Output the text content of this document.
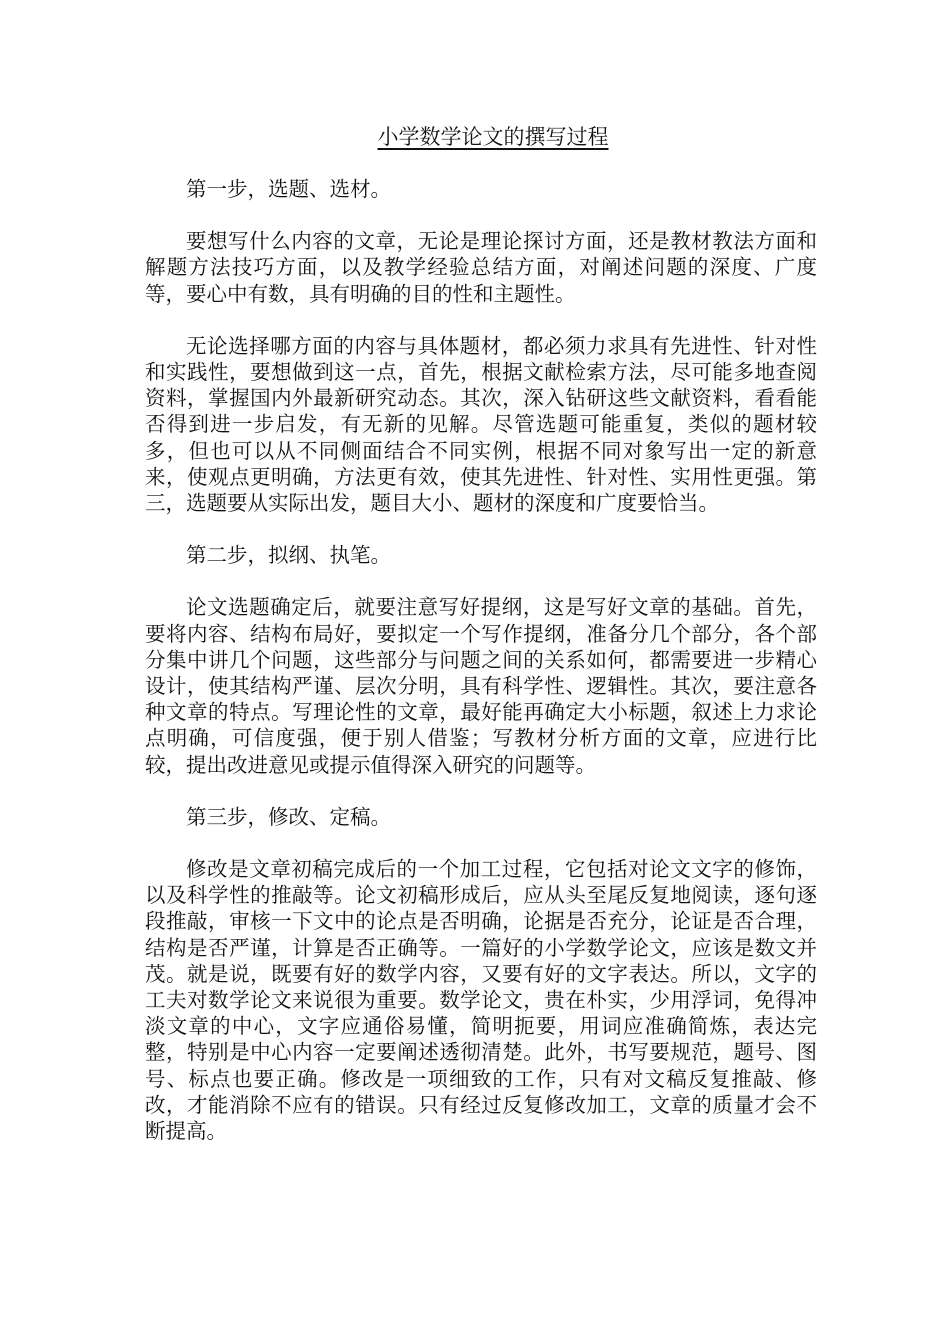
小学数学论文的撰写过程

第一步，选题、选材。

要想写什么内容的文章，无论是理论探讨方面，还是教材教法方面和解题方法技巧方面，以及教学经验总结方面，对阐述问题的深度、广度等，要心中有数，具有明确的目的性和主题性。

无论选择哪方面的内容与具体题材，都必须力求具有先进性、针对性和实践性，要想做到这一点，首先，根据文献检索方法，尽可能多地查阅资料，掌握国内外最新研究动态。其次，深入钻研这些文献资料，看看能否得到进一步启发，有无新的见解。尽管选题可能重复，类似的题材较多，但也可以从不同侧面结合不同实例，根据不同对象写出一定的新意来，使观点更明确，方法更有效，使其先进性、针对性、实用性更强。第三，选题要从实际出发，题目大小、题材的深度和广度要恰当。

第二步，拟纲、执笔。

论文选题确定后，就要注意写好提纲，这是写好文章的基础。首先，要将内容、结构布局好，要拟定一个写作提纲，准备分几个部分，各个部分集中讲几个问题，这些部分与问题之间的关系如何，都需要进一步精心设计，使其结构严谨、层次分明，具有科学性、逻辑性。其次，要注意各种文章的特点。写理论性的文章，最好能再确定大小标题，叙述上力求论点明确，可信度强，便于别人借鉴；写教材分析方面的文章，应进行比较，提出改进意见或提示值得深入研究的问题等。

第三步，修改、定稿。

修改是文章初稿完成后的一个加工过程，它包括对论文文字的修饰，以及科学性的推敲等。论文初稿形成后，应从头至尾反复地阅读，逐句逐段推敲，审核一下文中的论点是否明确，论据是否充分，论证是否合理，结构是否严谨，计算是否正确等。一篇好的小学数学论文，应该是数文并茂。就是说，既要有好的数学内容，又要有好的文字表达。所以，文字的工夫对数学论文来说很为重要。数学论文，贵在朴实，少用浮词，免得冲淡文章的中心，文字应通俗易懂，简明扼要，用词应准确简炼，表达完整，特别是中心内容一定要阐述透彻清楚。此外，书写要规范，题号、图号、标点也要正确。修改是一项细致的工作，只有对文稿反复推敲、修改，才能消除不应有的错误。只有经过反复修改加工，文章的质量才会不断提高。
